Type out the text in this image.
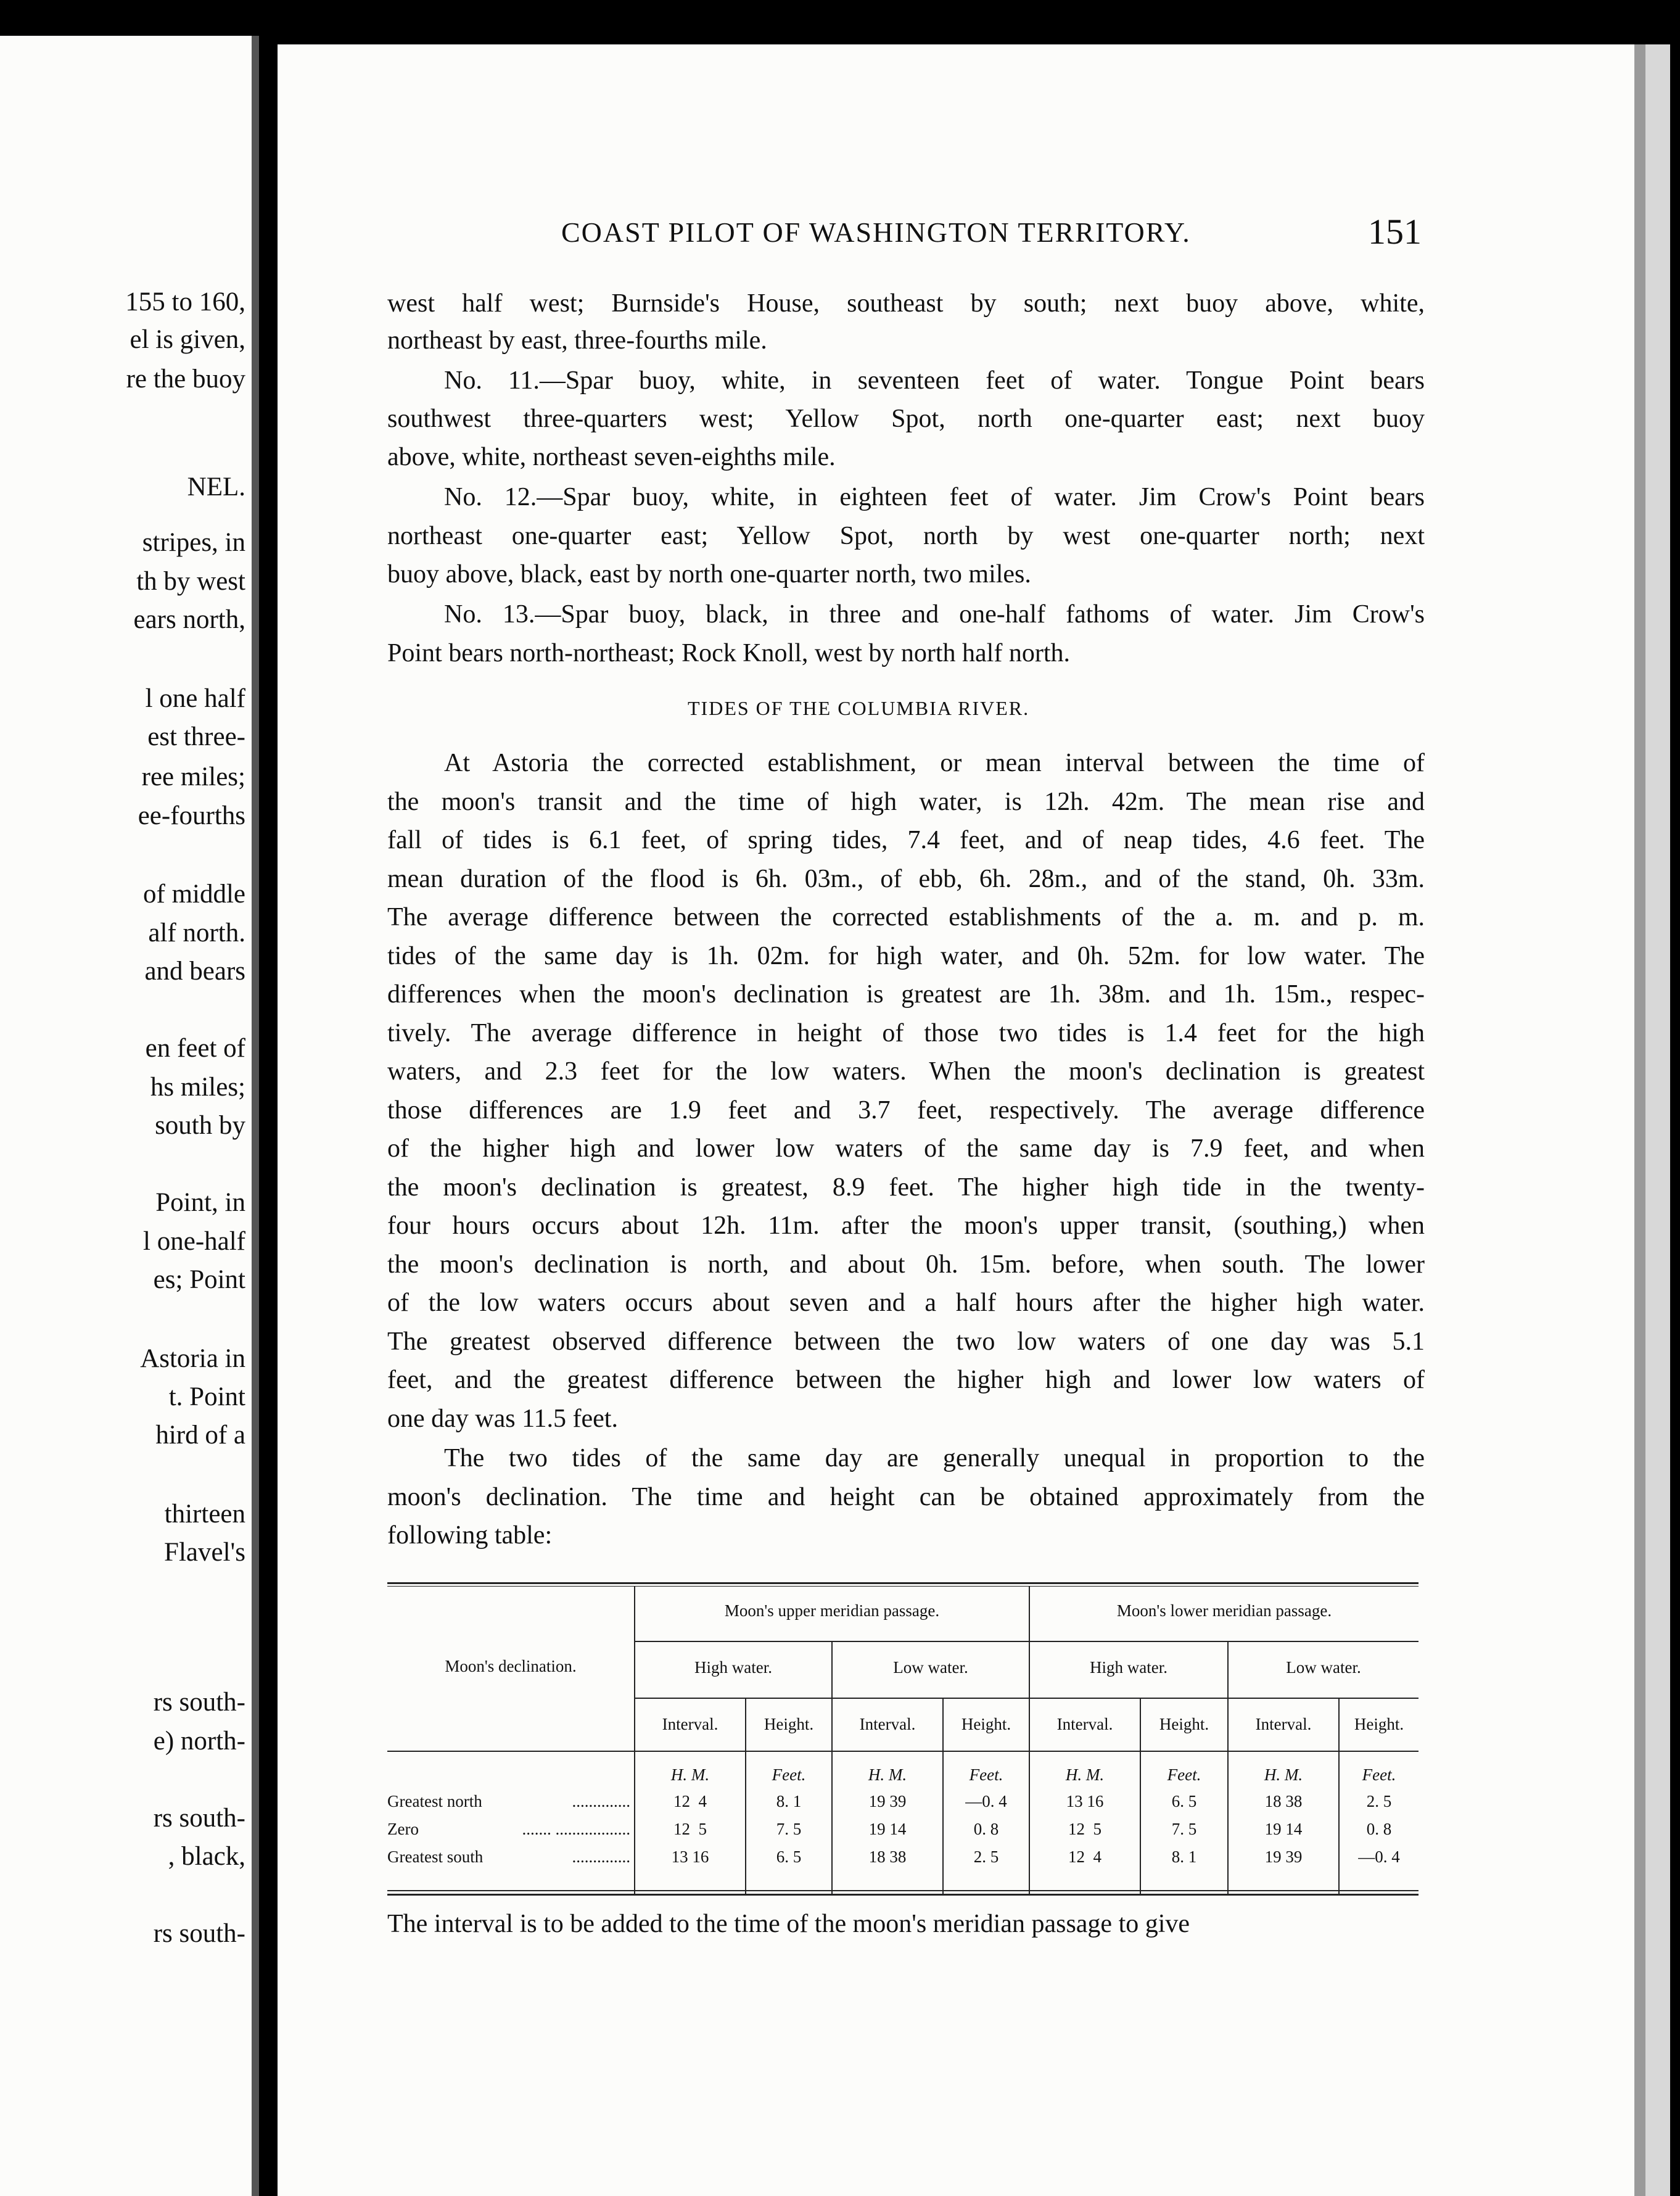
155 to 160,
el is given,
re the buoy
NEL.
stripes, in
th by west
ears north,
l one half
est three-
ree miles;
ee-fourths
of middle
alf north.
and bears
en feet of
hs miles;
south by
Point, in
l one-half
es; Point
Astoria in
t. Point
hird of a
thirteen
Flavel's
rs south-
e) north-
rs south-
, black,
rs south-
COAST PILOT OF WASHINGTON TERRITORY.	151
west half west; Burnside's House, southeast by south; next buoy above, white,
northeast by east, three-fourths mile.
No. 11.—Spar buoy, white, in seventeen feet of water. Tongue Point bears
southwest three-quarters west; Yellow Spot, north one-quarter east; next buoy
above, white, northeast seven-eighths mile.
No. 12.—Spar buoy, white, in eighteen feet of water. Jim Crow's Point bears
northeast one-quarter east; Yellow Spot, north by west one-quarter north; next
buoy above, black, east by north one-quarter north, two miles.
No. 13.—Spar buoy, black, in three and one-half fathoms of water. Jim Crow's
Point bears north-northeast; Rock Knoll, west by north half north.
At Astoria the corrected establishment, or mean interval between the time of
the moon's transit and the time of high water, is 12h. 42m. The mean rise and
fall of tides is 6.1 feet, of spring tides, 7.4 feet, and of neap tides, 4.6 feet. The
mean duration of the flood is 6h. 03m., of ebb, 6h. 28m., and of the stand, 0h. 33m.
The average difference between the corrected establishments of the a. m. and p. m.
tides of the same day is 1h. 02m. for high water, and 0h. 52m. for low water. The
differences when the moon's declination is greatest are 1h. 38m. and 1h. 15m., respec-
tively. The average difference in height of those two tides is 1.4 feet for the high
waters, and 2.3 feet for the low waters. When the moon's declination is greatest
those differences are 1.9 feet and 3.7 feet, respectively. The average difference
of the higher high and lower low waters of the same day is 7.9 feet, and when
the moon's declination is greatest, 8.9 feet. The higher high tide in the twenty-
four hours occurs about 12h. 11m. after the moon's upper transit, (southing,) when
the moon's declination is north, and about 0h. 15m. before, when south. The lower
of the low waters occurs about seven and a half hours after the higher high water.
The greatest observed difference between the two low waters of one day was 5.1
feet, and the greatest difference between the higher high and lower low waters of
one day was 11.5 feet.
The two tides of the same day are generally unequal in proportion to the
moon's declination. The time and height can be obtained approximately from the
following table:
TIDES OF THE COLUMBIA RIVER.
Moon's declination.
Moon's upper meridian passage.	Moon's lower meridian passage.
High water.	Low water.	High water.	Low water.
Interval.	Height.	Interval.	Height.	Interval.	Height.	Interval.	Height.
H. M.	Feet.	H. M.	Feet.	H. M.	Feet.	H. M.	Feet.
Greatest north	..............	12  4	8. 1	19 39	—0. 4	13 16	6. 5	18 38	2. 5
Zero	....... ..................	12  5	7. 5	19 14	0. 8	12  5	7. 5	19 14	0. 8
Greatest south	..............	13 16	6. 5	18 38	2. 5	12  4	8. 1	19 39	—0. 4
The interval is to be added to the time of the moon's meridian passage to give
